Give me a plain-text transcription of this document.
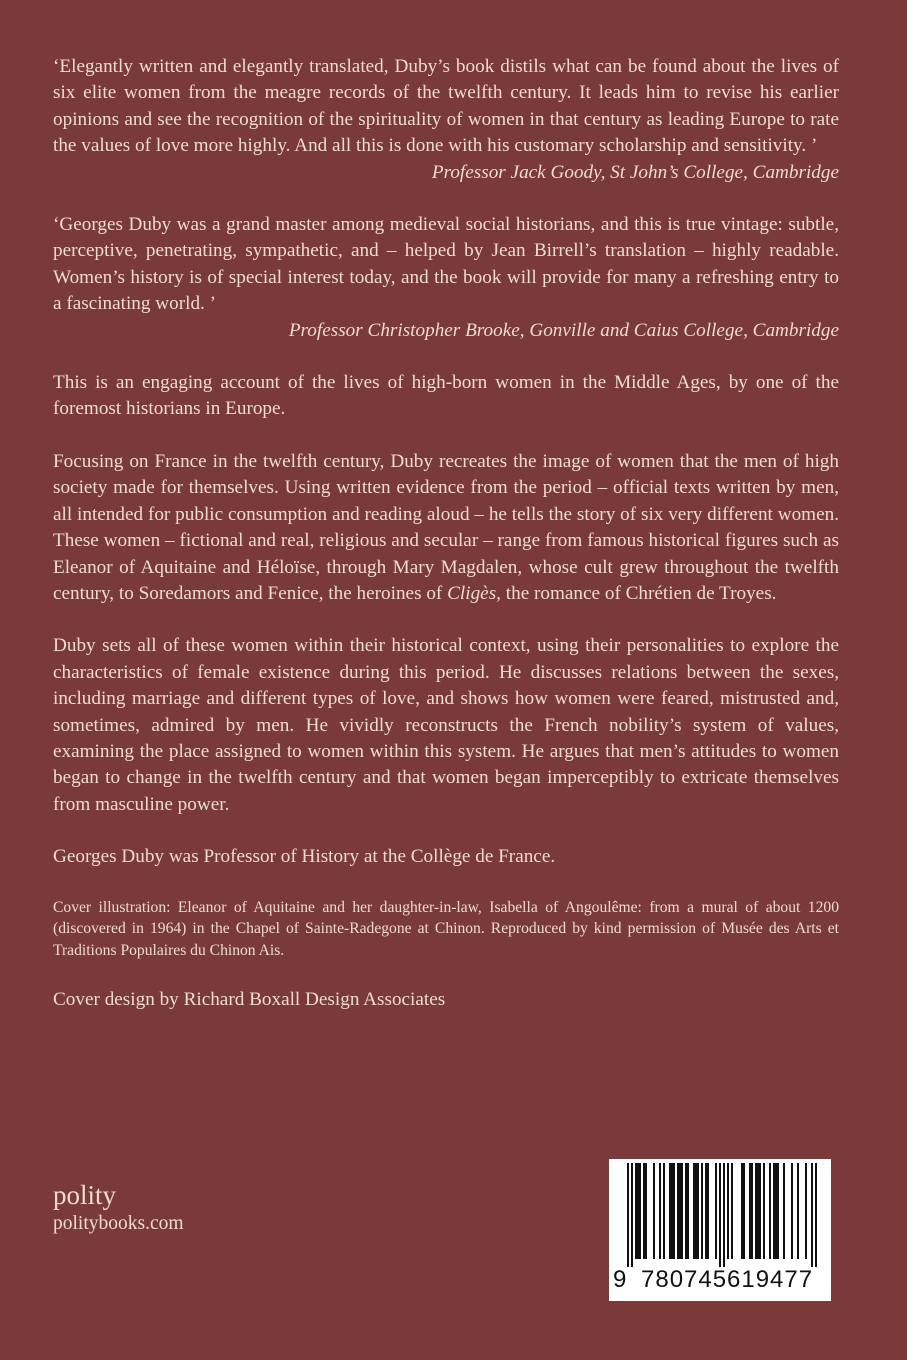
‘Elegantly written and elegantly translated, Duby’s book distils what can be found about the lives of six elite women from the meagre records of the twelfth century. It leads him to revise his earlier opinions and see the recognition of the spirituality of women in that century as leading Europe to rate the values of love more highly. And all this is done with his customary scholarship and sensitivity. ’
Professor Jack Goody, St John’s College, Cambridge
‘Georges Duby was a grand master among medieval social historians, and this is true vintage: subtle, perceptive, penetrating, sympathetic, and – helped by Jean Birrell’s translation – highly readable. Women’s history is of special interest today, and the book will provide for many a refreshing entry to a fascinating world. ’
Professor Christopher Brooke, Gonville and Caius College, Cambridge
This is an engaging account of the lives of high-born women in the Middle Ages, by one of the foremost historians in Europe.
Focusing on France in the twelfth century, Duby recreates the image of women that the men of high society made for themselves. Using written evidence from the period – official texts written by men, all intended for public consumption and reading aloud – he tells the story of six very different women. These women – fictional and real, religious and secular – range from famous historical figures such as Eleanor of Aquitaine and Héloïse, through Mary Magdalen, whose cult grew throughout the twelfth century, to Soredamors and Fenice, the heroines of Cligès, the romance of Chrétien de Troyes.
Duby sets all of these women within their historical context, using their personalities to explore the characteristics of female existence during this period. He discusses relations between the sexes, including marriage and different types of love, and shows how women were feared, mistrusted and, sometimes, admired by men. He vividly reconstructs the French nobility’s system of values, examining the place assigned to women within this system. He argues that men’s attitudes to women began to change in the twelfth century and that women began imperceptibly to extricate themselves from masculine power.
Georges Duby was Professor of History at the Collège de France.
Cover illustration: Eleanor of Aquitaine and her daughter-in-law, Isabella of Angoulême: from a mural of about 1200 (discovered in 1964) in the Chapel of Sainte-Radegone at Chinon. Reproduced by kind permission of Musée des Arts et Traditions Populaires du Chinon Ais.
Cover design by Richard Boxall Design Associates
polity
politybooks.com
9 780745 619477
